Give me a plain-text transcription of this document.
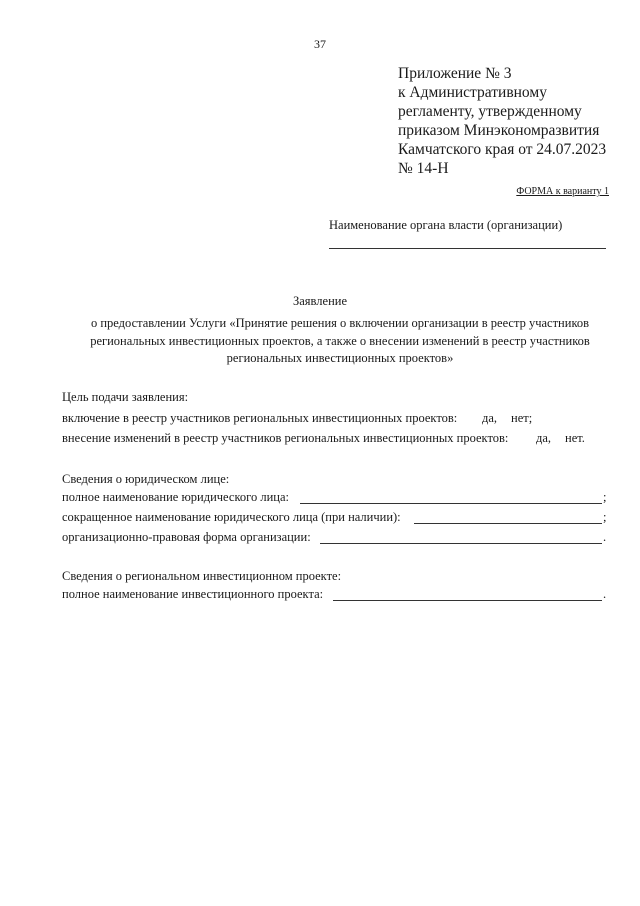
37
Приложение № 3
к Административному
регламенту, утвержденному
приказом Минэкономразвития
Камчатского края от 24.07.2023
№ 14-Н
ФОРМА к варианту 1
Наименование органа власти (организации)
Заявление
о предоставлении Услуги «Принятие решения о включении организации в реестр участников
региональных инвестиционных проектов, а также о внесении изменений в реестр участников
региональных инвестиционных проектов»
Цель подачи заявления:
включение в реестр участников региональных инвестиционных проектов: да, нет;
внесение изменений в реестр участников региональных инвестиционных проектов: да, нет.
Сведения о юридическом лице:
полное наименование юридического лица:	;
сокращенное наименование юридического лица (при наличии):	;
организационно-правовая форма организации:	.
Сведения о региональном инвестиционном проекте:
полное наименование инвестиционного проекта:	.
